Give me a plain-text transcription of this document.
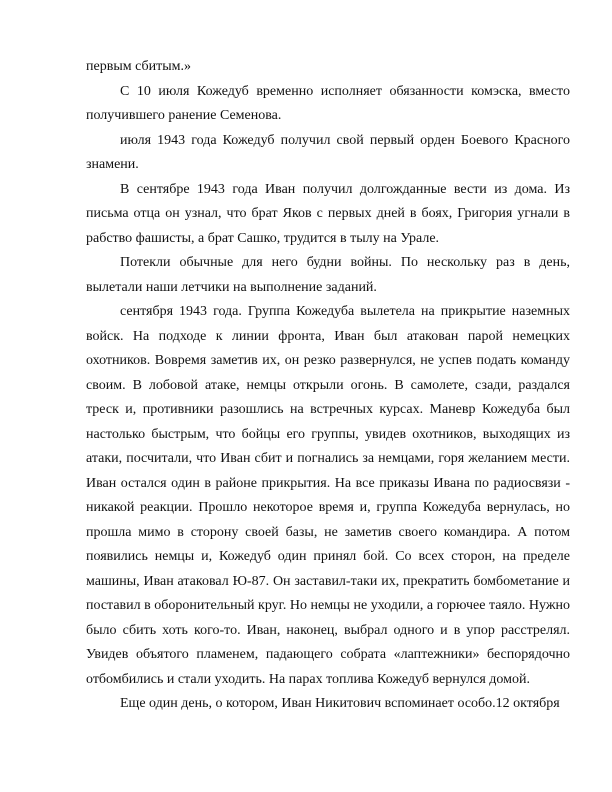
первым сбитым.»

С 10 июля Кожедуб временно исполняет обязанности комэска, вместо получившего ранение Семенова.

июля 1943 года Кожедуб получил свой первый орден Боевого Красного знамени.

В сентябре 1943 года Иван получил долгожданные вести из дома. Из письма отца он узнал, что брат Яков с первых дней в боях, Григория угнали в рабство фашисты, а брат Сашко, трудится в тылу на Урале.

Потекли обычные для него будни войны. По нескольку раз в день, вылетали наши летчики на выполнение заданий.

сентября 1943 года. Группа Кожедуба вылетела на прикрытие наземных войск. На подходе к линии фронта, Иван был атакован парой немецких охотников. Вовремя заметив их, он резко развернулся, не успев подать команду своим. В лобовой атаке, немцы открыли огонь. В самолете, сзади, раздался треск и, противники разошлись на встречных курсах. Маневр Кожедуба был настолько быстрым, что бойцы его группы, увидев охотников, выходящих из атаки, посчитали, что Иван сбит и погнались за немцами, горя желанием мести. Иван остался один в районе прикрытия. На все приказы Ивана по радиосвязи - никакой реакции. Прошло некоторое время и, группа Кожедуба вернулась, но прошла мимо в сторону своей базы, не заметив своего командира. А потом появились немцы и, Кожедуб один принял бой. Со всех сторон, на пределе машины, Иван атаковал Ю-87. Он заставил-таки их, прекратить бомбометание и поставил в оборонительный круг. Но немцы не уходили, а горючее таяло. Нужно было сбить хоть кого-то. Иван, наконец, выбрал одного и в упор расстрелял. Увидев объятого пламенем, падающего собрата «лаптежники» беспорядочно отбомбились и стали уходить. На парах топлива Кожедуб вернулся домой.

Еще один день, о котором, Иван Никитович вспоминает особо.12 октября
